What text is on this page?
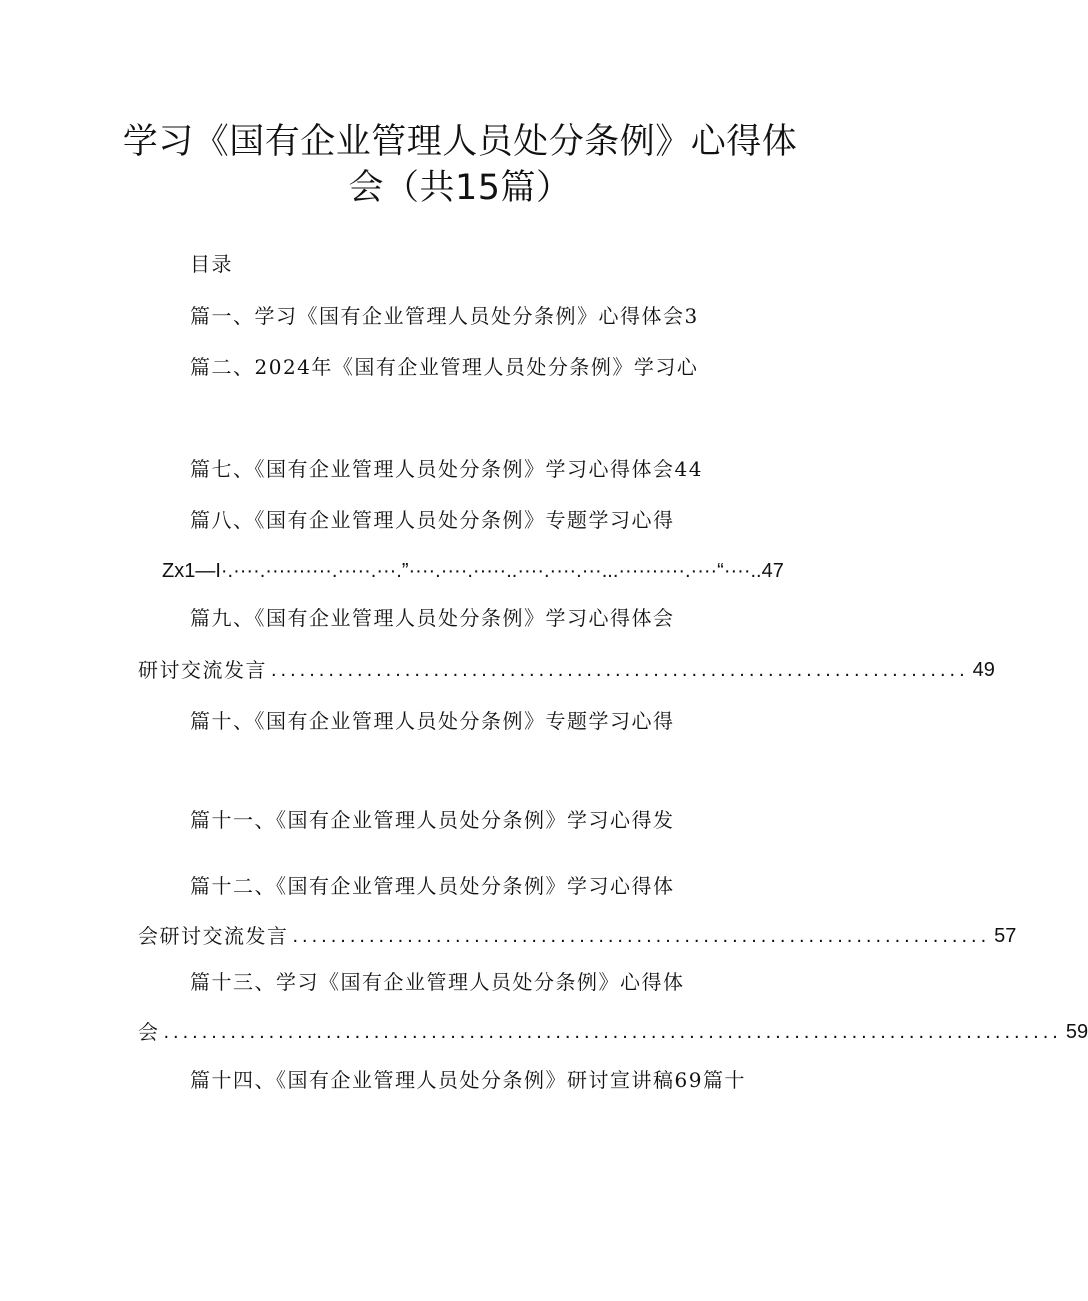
学习《国有企业管理人员处分条例》心得体
会（共15篇）
目录
篇一、学习《国有企业管理人员处分条例》心得体会3
篇二、2024年《国有企业管理人员处分条例》学习心
篇七、《国有企业管理人员处分条例》学习心得体会44
篇八、《国有企业管理人员处分条例》专题学习心得
Zx1—I·.····.··········.·····.···.”····.····.·····..····.····.···...··········.····“····..47
篇九、《国有企业管理人员处分条例》学习心得体会
研讨交流发言 ......................................................................... 49
篇十、《国有企业管理人员处分条例》专题学习心得
篇十一、《国有企业管理人员处分条例》学习心得发
篇十二、《国有企业管理人员处分条例》学习心得体
会研讨交流发言 ......................................................................... 57
篇十三、学习《国有企业管理人员处分条例》心得体
会 .............................................................................................. 59
篇十四、《国有企业管理人员处分条例》研讨宣讲稿69篇十
